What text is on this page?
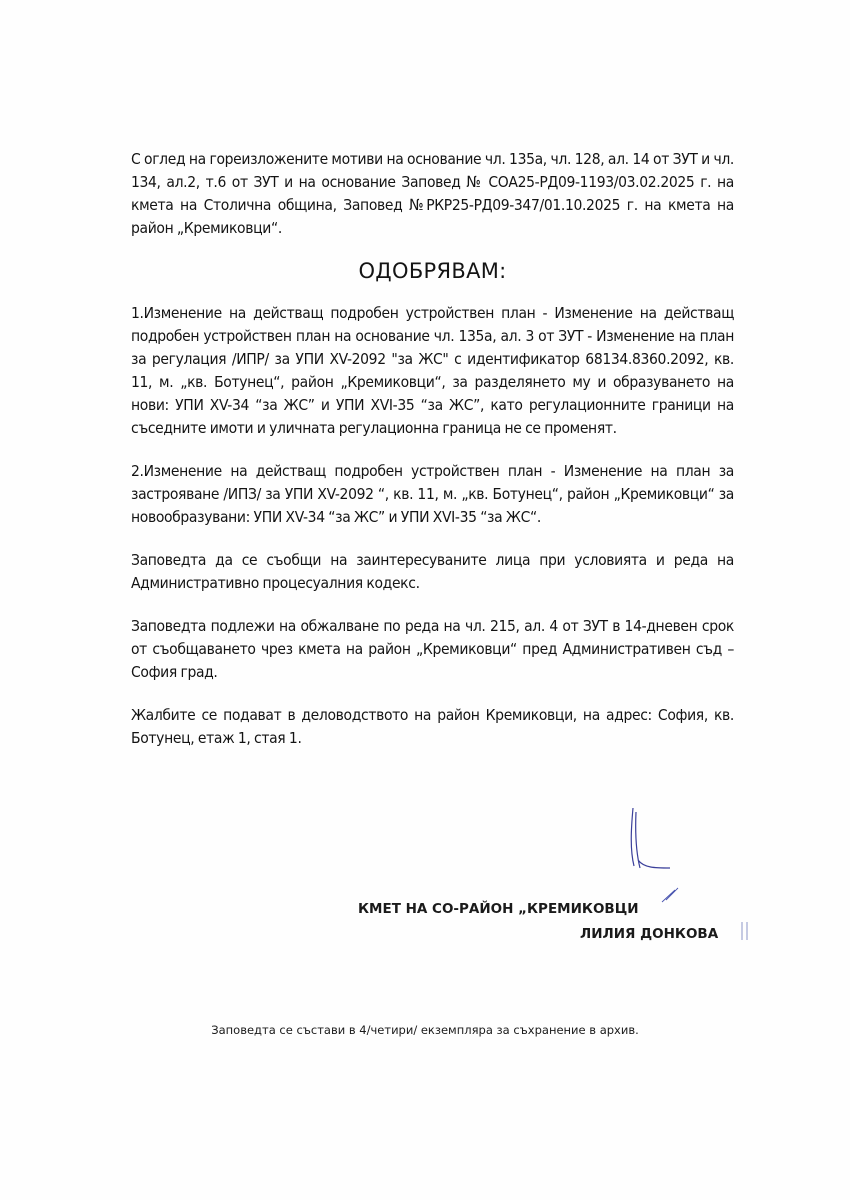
С оглед на гореизложените мотиви на основание чл. 135а, чл. 128, ал. 14 от ЗУТ и чл. 134, ал.2, т.6 от ЗУТ и на основание Заповед № СОА25-РД09-1193/03.02.2025 г. на кмета на Столична община, Заповед №РКР25-РД09-347/01.10.2025 г. на кмета на район „Кремиковци“.

ОДОБРЯВАМ:

1.Изменение на действащ подробен устройствен план - Изменение на действащ подробен устройствен план на основание чл. 135а, ал. 3 от ЗУТ - Изменение на план за регулация /ИПР/ за УПИ XV-2092 "за ЖС" с идентификатор 68134.8360.2092, кв. 11, м. „кв. Ботунец“, район „Кремиковци“, за разделянето му и образуването на нови: УПИ XV-34 “за ЖС” и УПИ XVI-35 “за ЖС”, като регулационните граници на съседните имоти и уличната регулационна граница не се променят.

2.Изменение на действащ подробен устройствен план - Изменение на план за застрояване /ИПЗ/ за УПИ XV-2092 “, кв. 11, м. „кв. Ботунец“, район „Кремиковци“ за новообразувани: УПИ XV-34 “за ЖС” и УПИ XVI-35 “за ЖС“.

Заповедта да се съобщи на заинтересуваните лица при условията и реда на Административно процесуалния кодекс.

Заповедта подлежи на обжалване по реда на чл. 215, ал. 4 от ЗУТ в 14-дневен срок от съобщаването чрез кмета на район „Кремиковци“ пред Административен съд – София град.

Жалбите се подават в деловодството на район Кремиковци, на адрес: София, кв. Ботунец, етаж 1, стая 1.

КМЕТ НА СО-РАЙОН „КРЕМИКОВЦИ
ЛИЛИЯ ДОНКОВА
Заповедта се състави в 4/четири/ екземпляра за съхранение в архив.
